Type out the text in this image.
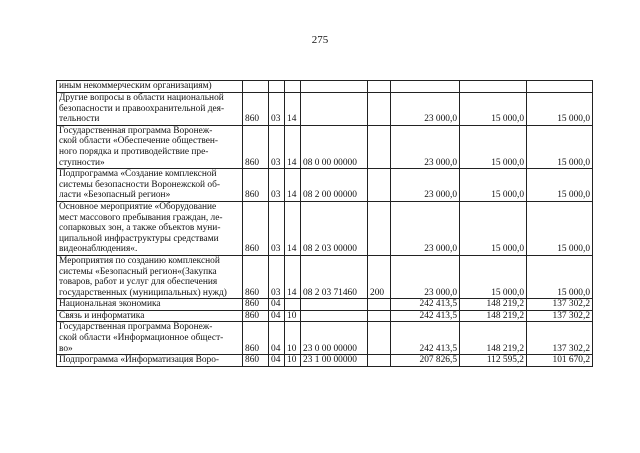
275
иным некоммерческим организациям)								

Другие вопросы в области национальной
безопасности и правоохранительной дея-
тельности	860	03	14			23 000,0	15 000,0	15 000,0

Государственная программа Воронеж-
ской области «Обеспечение обществен-
ного порядка и противодействие пре-
ступности»	860	03	14	08 0 00 00000		23 000,0	15 000,0	15 000,0

Подпрограмма «Создание комплексной
системы безопасности Воронежской об-
ласти «Безопасный регион»	860	03	14	08 2 00 00000		23 000,0	15 000,0	15 000,0

Основное мероприятие «Оборудование
мест массового пребывания граждан, ле-
сопарковых зон, а также объектов муни-
ципальной инфраструктуры средствами
видеонаблюдения«.	860	03	14	08 2 03 00000		23 000,0	15 000,0	15 000,0

Мероприятия по созданию комплексной
системы «Безопасный регион«(Закупка
товаров, работ и услуг для обеспечения
государственных (муниципальных) нужд)	860	03	14	08 2 03 71460	200	23 000,0	15 000,0	15 000,0

Национальная экономика	860	04				242 413,5	148 219,2	137 302,2

Связь и информатика	860	04	10			242 413,5	148 219,2	137 302,2

Государственная программа Воронеж-
ской области «Информационное общест-
во»	860	04	10	23 0 00 00000		242 413,5	148 219,2	137 302,2

Подпрограмма «Информатизация Воро-	860	04	10	23 1 00 00000		207 826,5	112 595,2	101 670,2
